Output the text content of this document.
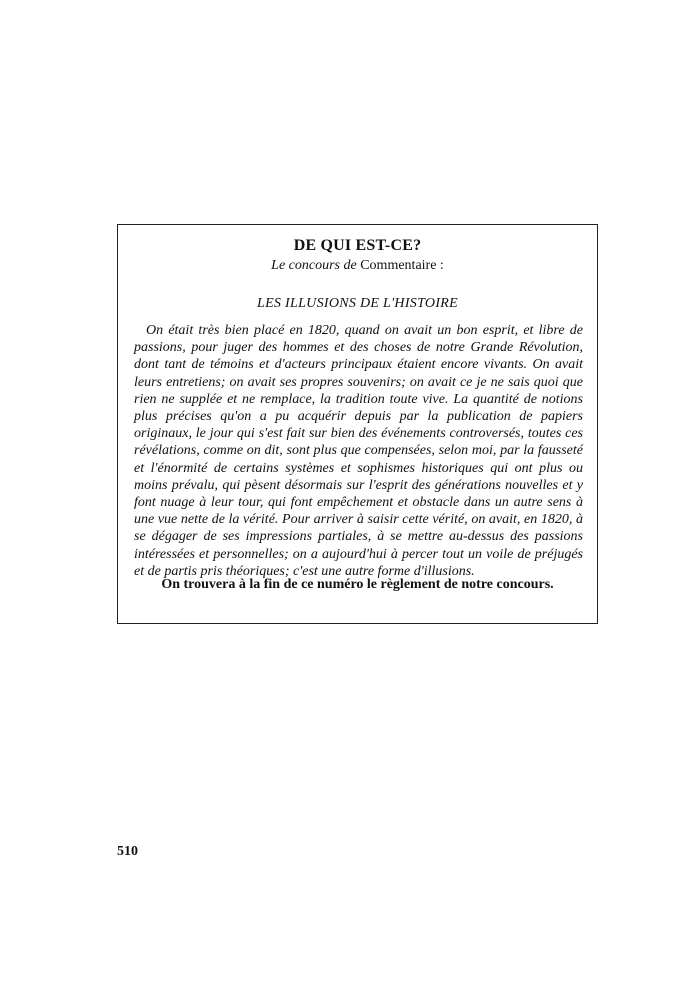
DE QUI EST-CE?
Le concours de Commentaire :
LES ILLUSIONS DE L'HISTOIRE

On était très bien placé en 1820, quand on avait un bon esprit, et libre de passions, pour juger des hommes et des choses de notre Grande Révolution, dont tant de témoins et d'acteurs principaux étaient encore vivants. On avait leurs entretiens; on avait ses propres souvenirs; on avait ce je ne sais quoi que rien ne supplée et ne remplace, la tradition toute vive. La quantité de notions plus précises qu'on a pu acquérir depuis par la publication de papiers originaux, le jour qui s'est fait sur bien des événements controversés, toutes ces révélations, comme on dit, sont plus que compensées, selon moi, par la fausseté et l'énormité de certains systèmes et sophismes historiques qui ont plus ou moins prévalu, qui pèsent désormais sur l'esprit des générations nouvelles et y font nuage à leur tour, qui font empêchement et obstacle dans un autre sens à une vue nette de la vérité. Pour arriver à saisir cette vérité, on avait, en 1820, à se dégager de ses impressions partiales, à se mettre au-dessus des passions intéressées et personnelles; on a aujourd'hui à percer tout un voile de préjugés et de partis pris théoriques; c'est une autre forme d'illusions.

On trouvera à la fin de ce numéro le règlement de notre concours.
510
